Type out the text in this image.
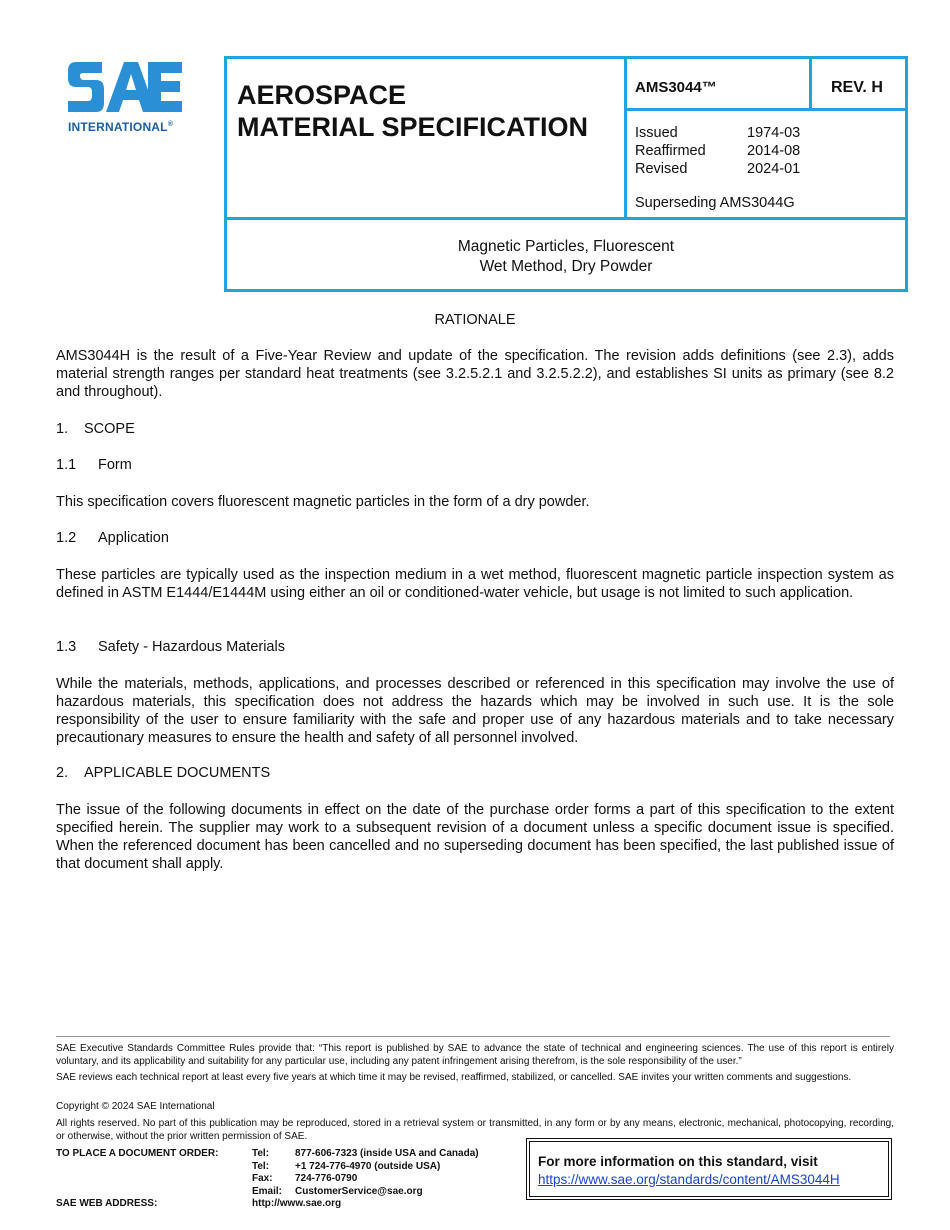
INTERNATIONAL®
AEROSPACE
MATERIAL SPECIFICATION
AMS3044™	REV. H
Issued	1974-03
Reaffirmed	2014-08
Revised	2024-01
Superseding AMS3044G
Magnetic Particles, Fluorescent
Wet Method, Dry Powder
RATIONALE
AMS3044H is the result of a Five-Year Review and update of the specification. The revision adds definitions (see 2.3), adds material strength ranges per standard heat treatments (see 3.2.5.2.1 and 3.2.5.2.2), and establishes SI units as primary (see 8.2 and throughout).
1. SCOPE
1.1 Form
This specification covers fluorescent magnetic particles in the form of a dry powder.
1.2 Application
These particles are typically used as the inspection medium in a wet method, fluorescent magnetic particle inspection system as defined in ASTM E1444/E1444M using either an oil or conditioned-water vehicle, but usage is not limited to such application.
1.3 Safety - Hazardous Materials
While the materials, methods, applications, and processes described or referenced in this specification may involve the use of hazardous materials, this specification does not address the hazards which may be involved in such use. It is the sole responsibility of the user to ensure familiarity with the safe and proper use of any hazardous materials and to take necessary precautionary measures to ensure the health and safety of all personnel involved.
2. APPLICABLE DOCUMENTS
The issue of the following documents in effect on the date of the purchase order forms a part of this specification to the extent specified herein. The supplier may work to a subsequent revision of a document unless a specific document issue is specified. When the referenced document has been cancelled and no superseding document has been specified, the last published issue of that document shall apply.
SAE Executive Standards Committee Rules provide that: “This report is published by SAE to advance the state of technical and engineering sciences. The use of this report is entirely voluntary, and its applicability and suitability for any particular use, including any patent infringement arising therefrom, is the sole responsibility of the user.”
SAE reviews each technical report at least every five years at which time it may be revised, reaffirmed, stabilized, or cancelled. SAE invites your written comments and suggestions.
Copyright © 2024 SAE International
All rights reserved. No part of this publication may be reproduced, stored in a retrieval system or transmitted, in any form or by any means, electronic, mechanical, photocopying, recording, or otherwise, without the prior written permission of SAE.
TO PLACE A DOCUMENT ORDER:
SAE WEB ADDRESS:
Tel:	877-606-7323 (inside USA and Canada)
Tel:	+1 724-776-4970 (outside USA)
Fax:	724-776-0790
Email:	CustomerService@sae.org
http://www.sae.org
For more information on this standard, visit
https://www.sae.org/standards/content/AMS3044H
